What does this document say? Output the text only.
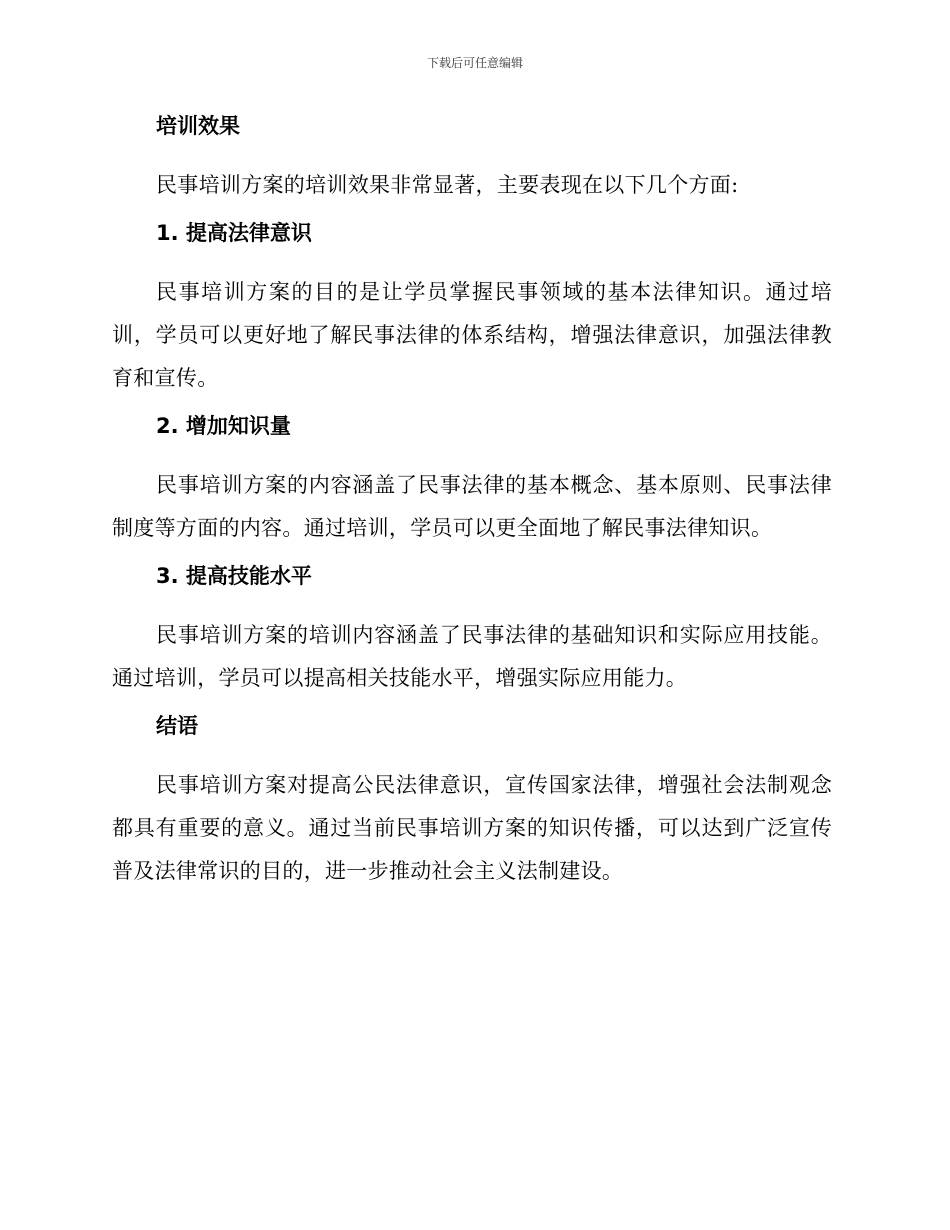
下载后可任意编辑
培训效果
民事培训方案的培训效果非常显著，主要表现在以下几个方面:
1. 提高法律意识
民事培训方案的目的是让学员掌握民事领域的基本法律知识。通过培训，学员可以更好地了解民事法律的体系结构，增强法律意识，加强法律教育和宣传。
2. 增加知识量
民事培训方案的内容涵盖了民事法律的基本概念、基本原则、民事法律制度等方面的内容。通过培训，学员可以更全面地了解民事法律知识。
3. 提高技能水平
民事培训方案的培训内容涵盖了民事法律的基础知识和实际应用技能。通过培训，学员可以提高相关技能水平，增强实际应用能力。
结语
民事培训方案对提高公民法律意识，宣传国家法律，增强社会法制观念都具有重要的意义。通过当前民事培训方案的知识传播，可以达到广泛宣传普及法律常识的目的，进一步推动社会主义法制建设。
